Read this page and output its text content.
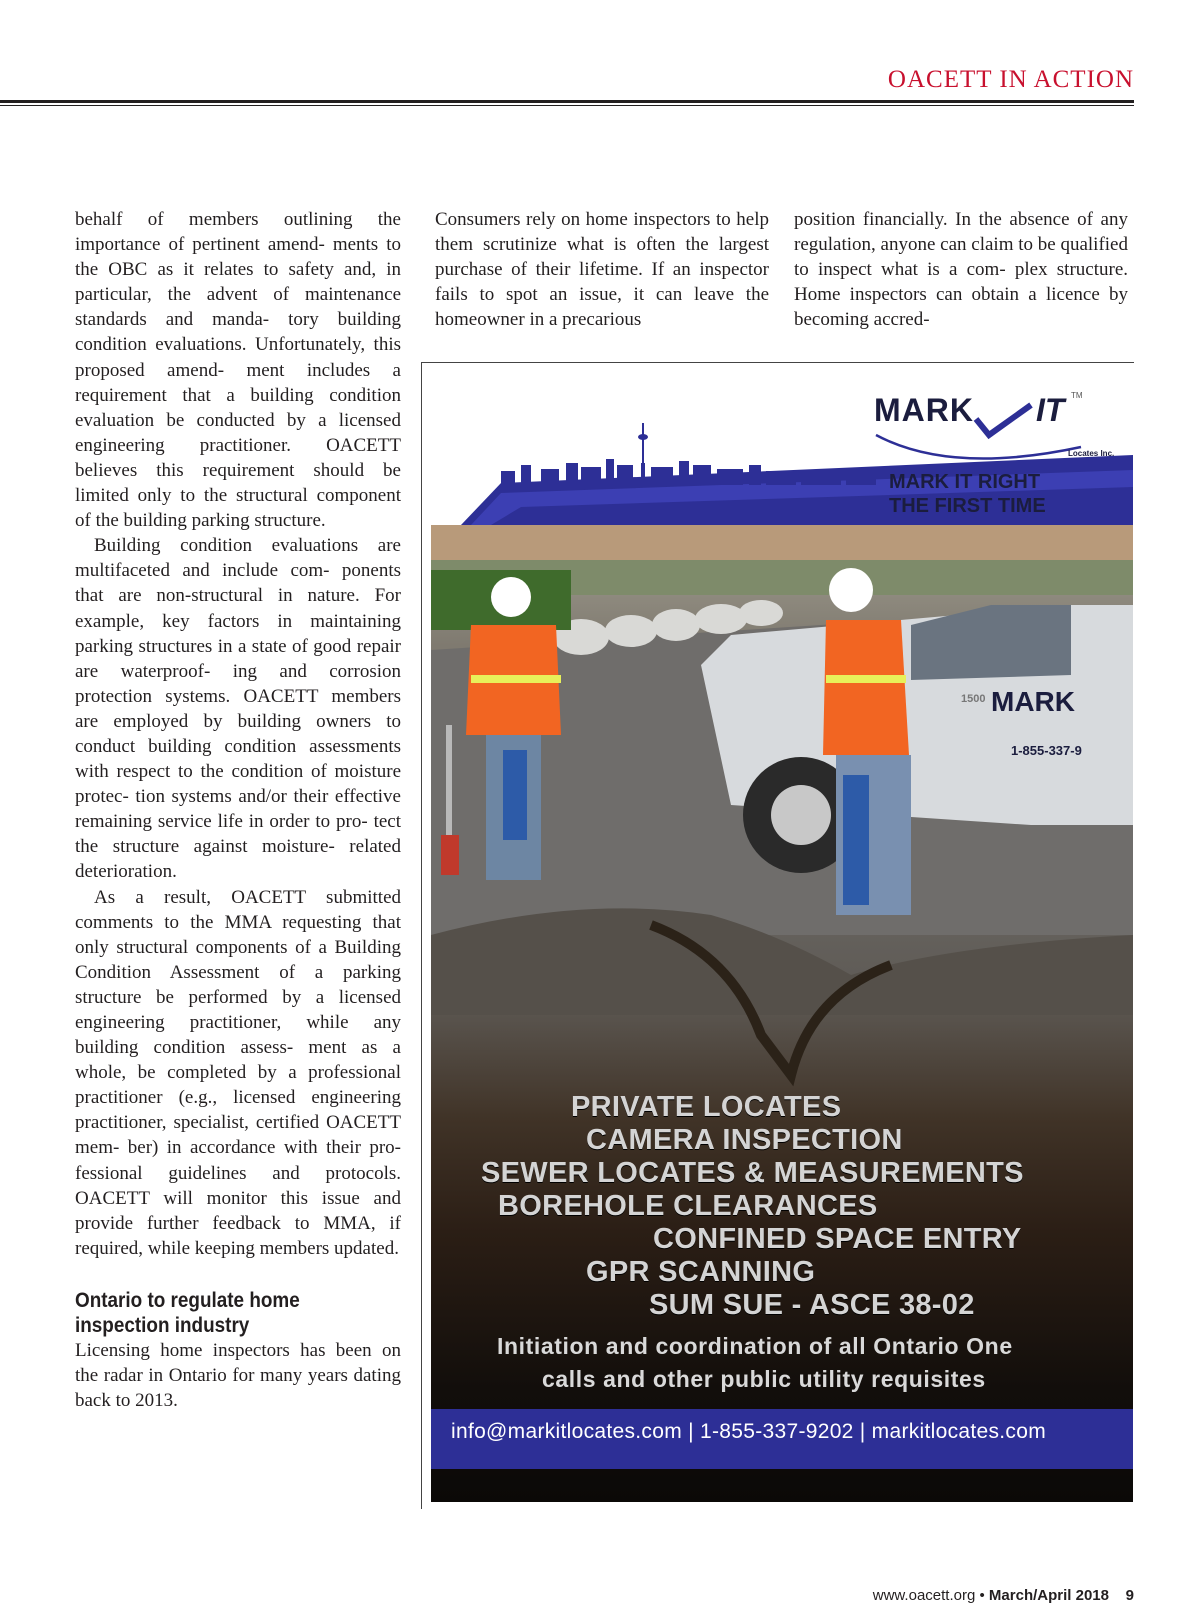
OACETT IN ACTION

behalf of members outlining the importance of pertinent amend- ments to the OBC as it relates to safety and, in particular, the advent of maintenance standards and manda- tory building condition evaluations. Unfortunately, this proposed amend- ment includes a requirement that a building condition evaluation be conducted by a licensed engineering practitioner. OACETT believes this requirement should be limited only to the structural component of the building parking structure.

Building condition evaluations are multifaceted and include com- ponents that are non-structural in nature. For example, key factors in maintaining parking structures in a state of good repair are waterproof- ing and corrosion protection systems. OACETT members are employed by building owners to conduct building condition assessments with respect to the condition of moisture protec- tion systems and/or their effective remaining service life in order to pro- tect the structure against moisture- related deterioration.

As a result, OACETT submitted comments to the MMA requesting that only structural components of a Building Condition Assessment of a parking structure be performed by a licensed engineering practitioner, while any building condition assess- ment as a whole, be completed by a professional practitioner (e.g., licensed engineering practitioner, specialist, certified OACETT mem- ber) in accordance with their pro- fessional guidelines and protocols. OACETT will monitor this issue and provide further feedback to MMA, if required, while keeping members updated.

Ontario to regulate home inspection industry

Licensing home inspectors has been on the radar in Ontario for many years dating back to 2013.

Consumers rely on home inspectors to help them scrutinize what is often the largest purchase of their lifetime. If an inspector fails to spot an issue, it can leave the homeowner in a precarious

position financially. In the absence of any regulation, anyone can claim to be qualified to inspect what is a com- plex structure. Home inspectors can obtain a licence by becoming accred-

MARK
1500
1-855-337-9
MARK IT TM
Locates Inc.
MARK IT RIGHT
THE FIRST TIME
PRIVATE LOCATES
CAMERA INSPECTION
SEWER LOCATES & MEASUREMENTS
BOREHOLE CLEARANCES
CONFINED SPACE ENTRY
GPR SCANNING
SUM SUE - ASCE 38-02
Initiation and coordination of all Ontario One
calls and other public utility requisites
info@markitlocates.com | 1-855-337-9202 | markitlocates.com
www.oacett.org • March/April 2018 9
